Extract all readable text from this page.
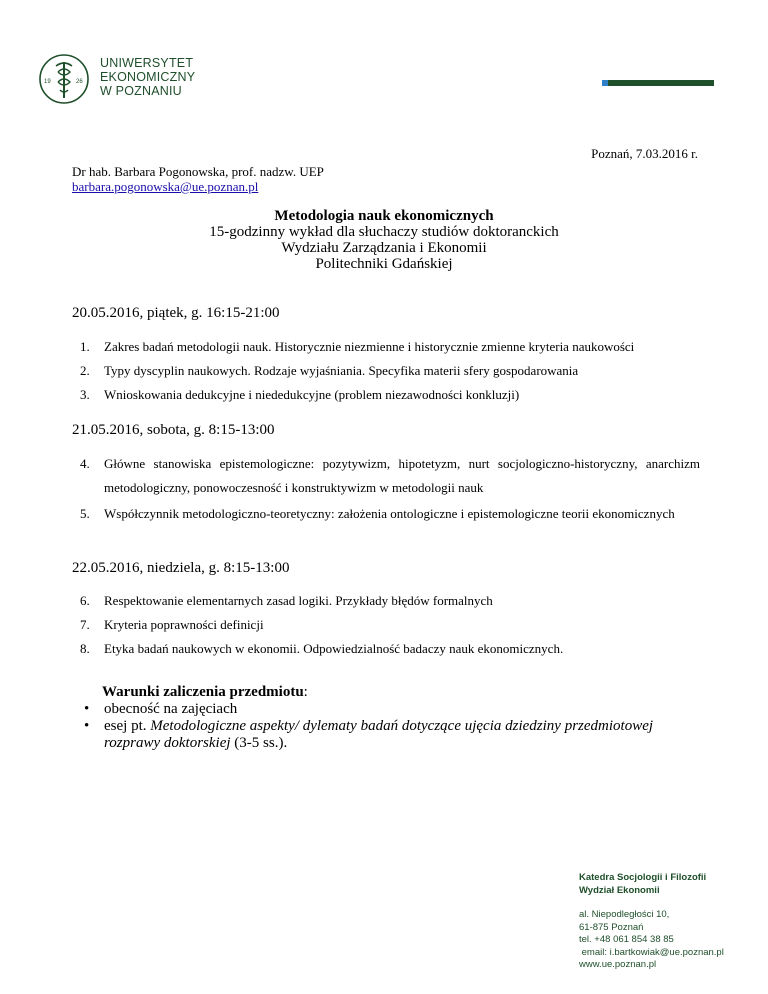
19	26
UNIWERSYTET
EKONOMICZNY
W POZNANIU
Poznań, 7.03.2016 r.
Dr hab. Barbara Pogonowska, prof. nadzw. UEP
barbara.pogonowska@ue.poznan.pl
Metodologia nauk ekonomicznych
15-godzinny wykład dla słuchaczy studiów doktoranckich
Wydziału Zarządzania i Ekonomii
Politechniki Gdańskiej
20.05.2016, piątek, g. 16:15-21:00
1.	Zakres badań metodologii nauk. Historycznie niezmienne i historycznie zmienne kryteria naukowości
2.	Typy dyscyplin naukowych. Rodzaje wyjaśniania. Specyfika materii sfery gospodarowania
3.	Wnioskowania dedukcyjne i niededukcyjne (problem niezawodności konkluzji)
21.05.2016, sobota, g. 8:15-13:00
4.	Główne stanowiska epistemologiczne: pozytywizm, hipotetyzm, nurt socjologiczno-historyczny, anarchizm metodologiczny, ponowoczesność i konstruktywizm w metodologii nauk
5.	Współczynnik metodologiczno-teoretyczny: założenia ontologiczne i epistemologiczne teorii ekonomicznych
22.05.2016, niedziela, g. 8:15-13:00
6.	Respektowanie elementarnych zasad logiki. Przykłady błędów formalnych
7.	Kryteria poprawności definicji
8.	Etyka badań naukowych w ekonomii. Odpowiedzialność badaczy nauk ekonomicznych.
Warunki zaliczenia przedmiotu:
• obecność na zajęciach
• esej pt. Metodologiczne aspekty/ dylematy badań dotyczące ujęcia dziedziny przedmiotowej rozprawy doktorskiej (3-5 ss.).
Katedra Socjologii i Filozofii
Wydział Ekonomii
al. Niepodległości 10,
61-875 Poznań
tel. +48 061 854 38 85
email: i.bartkowiak@ue.poznan.pl
www.ue.poznan.pl
